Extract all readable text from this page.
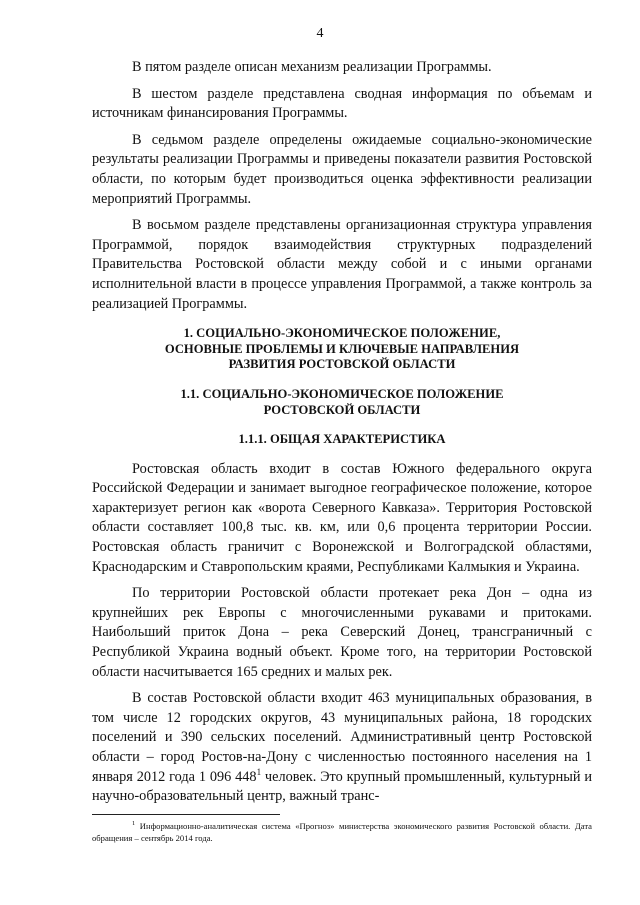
4

В пятом разделе описан механизм реализации Программы.

В шестом разделе представлена сводная информация по объемам и источникам финансирования Программы.

В седьмом разделе определены ожидаемые социально-экономические результаты реализации Программы и приведены показатели развития Ростовской области, по которым будет производиться оценка эффективности реализации мероприятий Программы.

В восьмом разделе представлены организационная структура управления Программой, порядок взаимодействия структурных подразделений Правительства Ростовской области между собой и с иными органами исполнительной власти в процессе управления Программой, а также контроль за реализацией Программы.

1. СОЦИАЛЬНО-ЭКОНОМИЧЕСКОЕ ПОЛОЖЕНИЕ,
ОСНОВНЫЕ ПРОБЛЕМЫ И КЛЮЧЕВЫЕ НАПРАВЛЕНИЯ
РАЗВИТИЯ РОСТОВСКОЙ ОБЛАСТИ
1.1. СОЦИАЛЬНО-ЭКОНОМИЧЕСКОЕ ПОЛОЖЕНИЕ
РОСТОВСКОЙ ОБЛАСТИ
1.1.1. ОБЩАЯ ХАРАКТЕРИСТИКА

Ростовская область входит в состав Южного федерального округа Российской Федерации и занимает выгодное географическое положение, которое характеризует регион как «ворота Северного Кавказа». Территория Ростовской области составляет 100,8 тыс. кв. км, или 0,6 процента территории России. Ростовская область граничит с Воронежской и Волгоградской областями, Краснодарским и Ставропольским краями, Республиками Калмыкия и Украина.

По территории Ростовской области протекает река Дон – одна из крупнейших рек Европы с многочисленными рукавами и притоками. Наибольший приток Дона – река Северский Донец, трансграничный с Республикой Украина водный объект. Кроме того, на территории Ростовской области насчитывается 165 средних и малых рек.

В состав Ростовской области входит 463 муниципальных образования, в том числе 12 городских округов, 43 муниципальных района, 18 городских поселений и 390 сельских поселений. Административный центр Ростовской области – город Ростов-на-Дону с численностью постоянного населения на 1 января 2012 года 1 096 $448^1$ человек. Это крупный промышленный, культурный и научно-образовательный центр, важный транс-

$^1$ Информационно-аналитическая система «Прогноз» министерства экономического развития Ростовской области. Дата обращения – сентябрь 2014 года.
